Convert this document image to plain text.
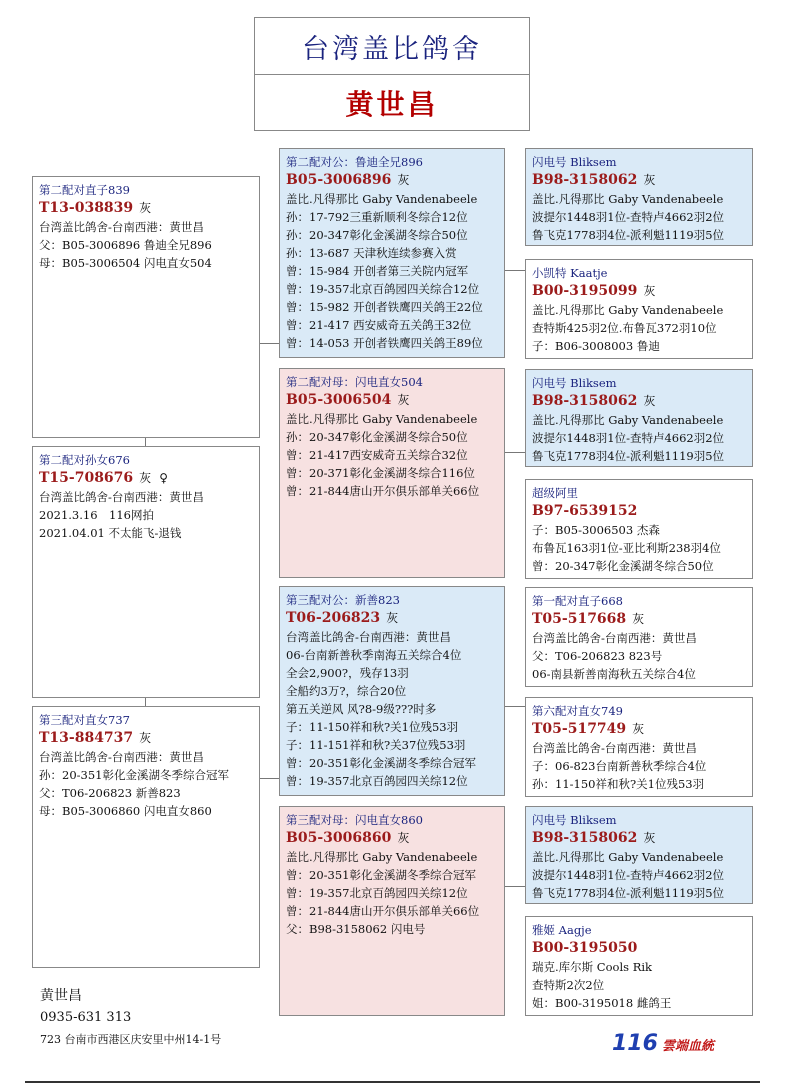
台湾盖比鸽舍
黄世昌
第二配对直子839
T13-038839 灰
台湾盖比鸽舍-台南西港：黄世昌
父：B05-3006896 鲁迪全兄896
母：B05-3006504 闪电直女504
第二配对孙女676
T15-708676 灰 ♀
台湾盖比鸽舍-台南西港：黄世昌
2021.3.16　116网拍
2021.04.01 不太能飞-退钱
第三配对直女737
T13-884737 灰
台湾盖比鸽舍-台南西港：黄世昌
孙：20-351彰化金溪湖冬季综合冠军
父：T06-206823 新善823
母：B05-3006860 闪电直女860
第二配对公：鲁迪全兄896
B05-3006896 灰
盖比.凡得那比 Gaby Vandenabeele
孙：17-792三重新顺利冬综合12位
孙：20-347彰化金溪湖冬综合50位
孙：13-687 天津秋连续参赛入赏
曾：15-984 开创者第三关院内冠军
曾：19-357北京百鸽园四关综合12位
曾：15-982 开创者铁鹰四关鸽王22位
曾：21-417 西安威奇五关鸽王32位
曾：14-053 开创者铁鹰四关鸽王89位
第二配对母：闪电直女504
B05-3006504 灰
盖比.凡得那比 Gaby Vandenabeele
孙：20-347彰化金溪湖冬综合50位
曾：21-417西安威奇五关综合32位
曾：20-371彰化金溪湖冬综合116位
曾：21-844唐山开尔俱乐部单关66位
第三配对公：新善823
T06-206823 灰
台湾盖比鸽舍-台南西港：黄世昌
06-台南新善秋季南海五关综合4位
全会2,900?，残存13羽
全船约3万?，综合20位
第五关逆风 风?8-9级???时多
子：11-150祥和秋?关1位残53羽
子：11-151祥和秋?关37位残53羽
曾：20-351彰化金溪湖冬季综合冠军
曾：19-357北京百鸽园四关综12位
第三配对母：闪电直女860
B05-3006860 灰
盖比.凡得那比 Gaby Vandenabeele
曾：20-351彰化金溪湖冬季综合冠军
曾：19-357北京百鸽园四关综12位
曾：21-844唐山开尔俱乐部单关66位
父：B98-3158062 闪电号
闪电号 Bliksem
B98-3158062 灰
盖比.凡得那比 Gaby Vandenabeele
波提尔1448羽1位-查特卢4662羽2位
鲁飞克1778羽4位-派利魁1119羽5位
小凯特 Kaatje
B00-3195099 灰
盖比.凡得那比 Gaby Vandenabeele
查特斯425羽2位.布鲁瓦372羽10位
子：B06-3008003 鲁迪
闪电号 Bliksem
B98-3158062 灰
盖比.凡得那比 Gaby Vandenabeele
波提尔1448羽1位-查特卢4662羽2位
鲁飞克1778羽4位-派利魁1119羽5位
超级阿里
B97-6539152
子：B05-3006503 杰森
布鲁瓦163羽1位-亚比利斯238羽4位
曾：20-347彰化金溪湖冬综合50位
第一配对直子668
T05-517668 灰
台湾盖比鸽舍-台南西港：黄世昌
父：T06-206823 823号
06-南县新善南海秋五关综合4位
第六配对直女749
T05-517749 灰
台湾盖比鸽舍-台南西港：黄世昌
子：06-823台南新善秋季综合4位
孙：11-150祥和秋?关1位残53羽
闪电号 Bliksem
B98-3158062 灰
盖比.凡得那比 Gaby Vandenabeele
波提尔1448羽1位-查特卢4662羽2位
鲁飞克1778羽4位-派利魁1119羽5位
雅姬 Aagje
B00-3195050
瑞克.库尔斯 Cools Rik
查特斯2次2位
姐：B00-3195018 雌鸽王
黄世昌
0935-631 313
723 台南市西港区庆安里中州14-1号	116 雲端血統
